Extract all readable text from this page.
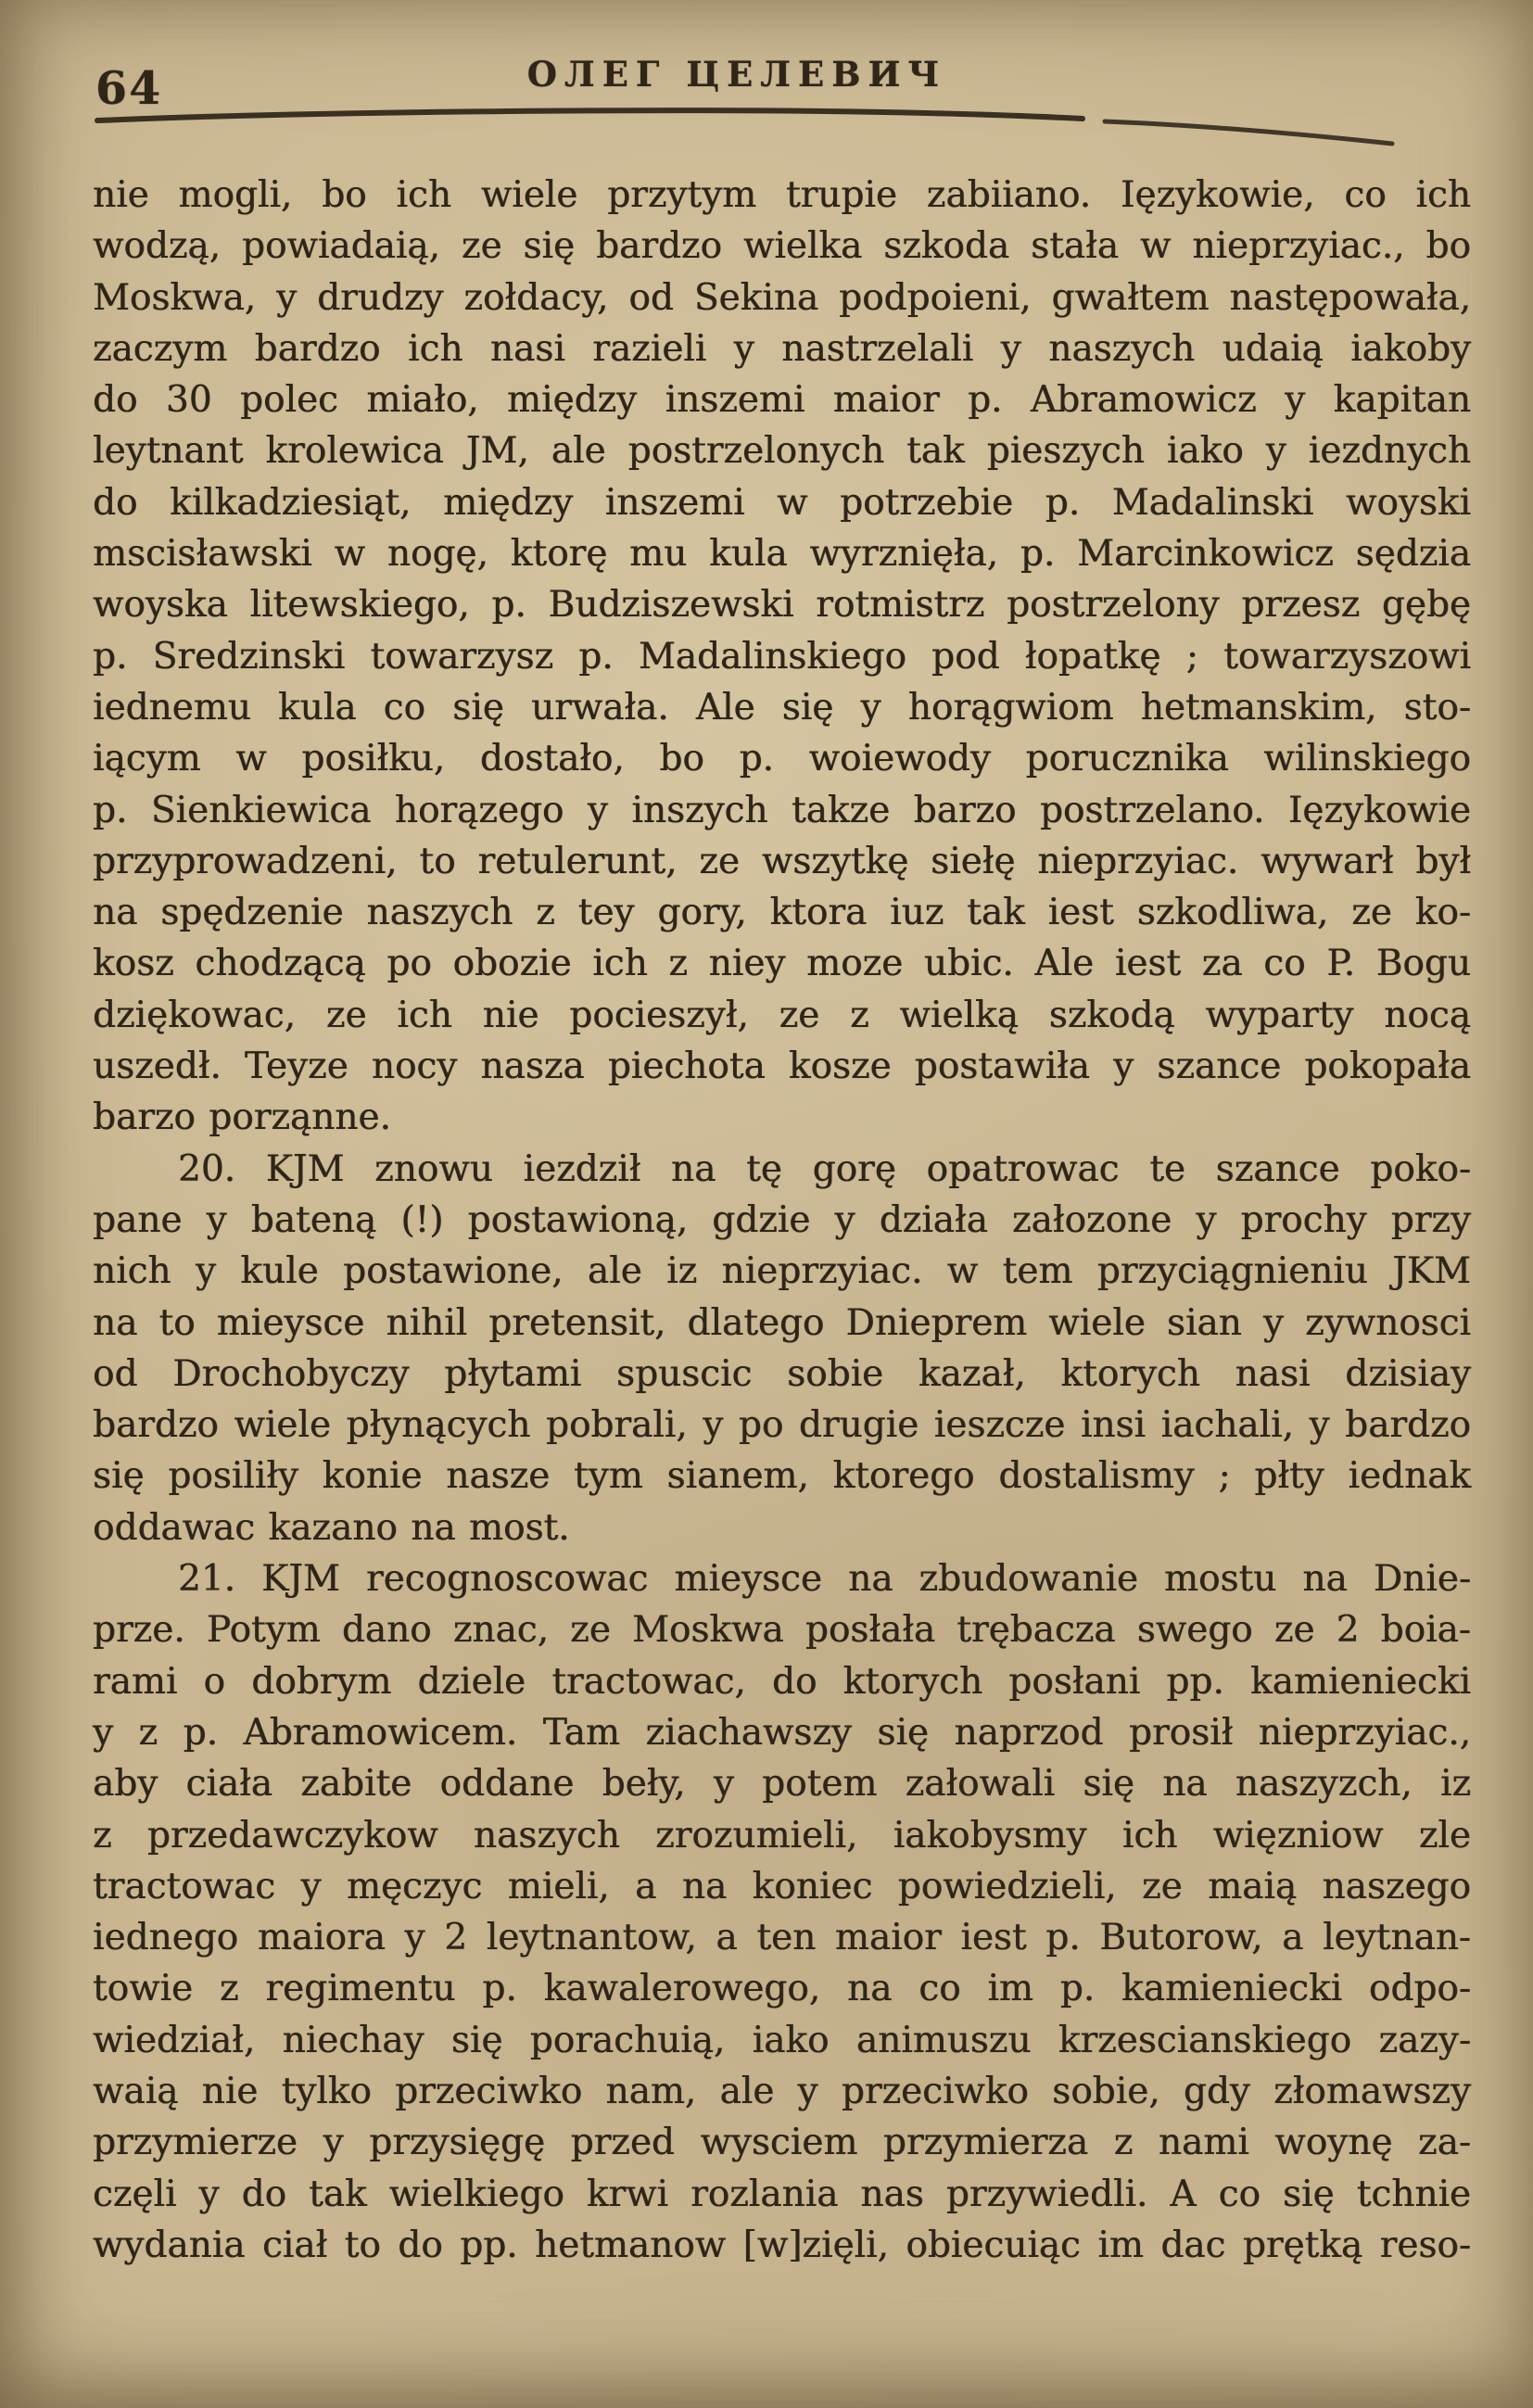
64	ОЛЕГ ЦЕЛЕВИЧ
nie mogli, bo ich wiele przytym trupie zabiiano. Ięzykowie, co ich
wodzą, powiadaią, ze się bardzo wielka szkoda stała w nieprzyiac., bo
Moskwa, y drudzy zołdacy, od Sekina podpoieni, gwałtem następowała,
zaczym bardzo ich nasi razieli y nastrzelali y naszych udaią iakoby
do 30 polec miało, między inszemi maior p. Abramowicz y kapitan
leytnant krolewica JM, ale postrzelonych tak pieszych iako y iezdnych
do kilkadziesiąt, między inszemi w potrzebie p. Madalinski woyski
mscisławski w nogę, ktorę mu kula wyrznięła, p. Marcinkowicz sędzia
woyska litewskiego, p. Budziszewski rotmistrz postrzelony przesz gębę
p. Sredzinski towarzysz p. Madalinskiego pod łopatkę ; towarzyszowi
iednemu kula co się urwała. Ale się y horągwiom hetmanskim, sto-
iącym w posiłku, dostało, bo p. woiewody porucznika wilinskiego
p. Sienkiewica horązego y inszych takze barzo postrzelano. Ięzykowie
przyprowadzeni, to retulerunt, ze wszytkę siełę nieprzyiac. wywarł był
na spędzenie naszych z tey gory, ktora iuz tak iest szkodliwa, ze ko-
kosz chodzącą po obozie ich z niey moze ubic. Ale iest za co P. Bogu
dziękowac, ze ich nie pocieszył, ze z wielką szkodą wyparty nocą
uszedł. Teyze nocy nasza piechota kosze postawiła y szance pokopała
barzo porząnne.
20. KJM znowu iezdził na tę gorę opatrowac te szance poko-
pane y bateną (!) postawioną, gdzie y działa załozone y prochy przy
nich y kule postawione, ale iz nieprzyiac. w tem przyciągnieniu JKM
na to mieysce nihil pretensit, dlatego Dnieprem wiele sian y zywnosci
od Drochobyczy płytami spuscic sobie kazał, ktorych nasi dzisiay
bardzo wiele płynących pobrali, y po drugie ieszcze insi iachali, y bardzo
się posiliły konie nasze tym sianem, ktorego dostalismy ; płty iednak
oddawac kazano na most.
21. KJM recognoscowac mieysce na zbudowanie mostu na Dnie-
prze. Potym dano znac, ze Moskwa posłała trębacza swego ze 2 boia-
rami o dobrym dziele tractowac, do ktorych posłani pp. kamieniecki
y z p. Abramowicem. Tam ziachawszy się naprzod prosił nieprzyiac.,
aby ciała zabite oddane beły, y potem załowali się na naszyzch, iz
z przedawczykow naszych zrozumieli, iakobysmy ich więzniow zle
tractowac y męczyc mieli, a na koniec powiedzieli, ze maią naszego
iednego maiora y 2 leytnantow, a ten maior iest p. Butorow, a leytnan-
towie z regimentu p. kawalerowego, na co im p. kamieniecki odpo-
wiedział, niechay się porachuią, iako animuszu krzescianskiego zazy-
waią nie tylko przeciwko nam, ale y przeciwko sobie, gdy złomawszy
przymierze y przysięgę przed wysciem przymierza z nami woynę za-
częli y do tak wielkiego krwi rozlania nas przywiedli. A co się tchnie
wydania ciał to do pp. hetmanow [w]zięli, obiecuiąc im dac prętką reso-
